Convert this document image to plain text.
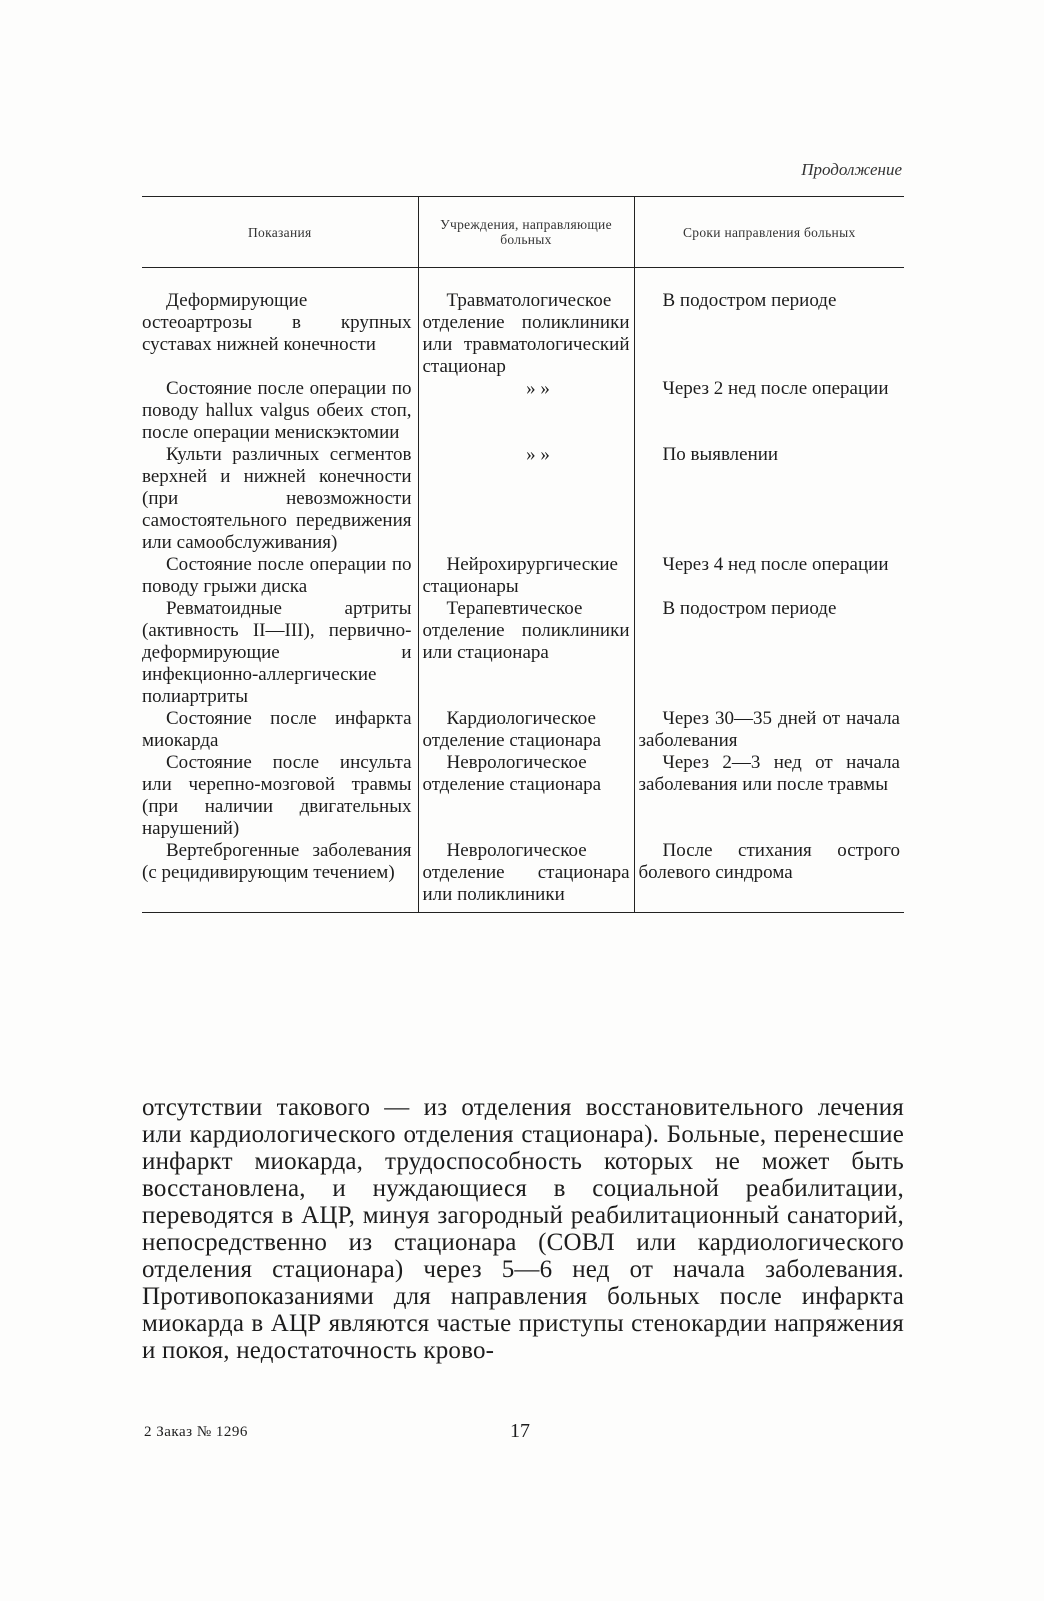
Продолжение
Показания	Учреждения, направляющие больных	Сроки направления больных
Деформирующие остеоартрозы в крупных суставах нижней конечности	Травматологическое отделение поликлиники или травматологический стационар	В подостром периоде
Состояние после операции по поводу hallux valgus обеих стоп, после операции менискэктомии	» »	Через 2 нед после операции
Культи различных сегментов верхней и нижней конечности (при невозможности самостоятельного передвижения или самообслуживания)	» »	По выявлении
Состояние после операции по поводу грыжи диска	Нейрохирургические стационары	Через 4 нед после операции
Ревматоидные артриты (активность II—III), первично-деформирующие и инфекционно-аллергические полиартриты	Терапевтическое отделение поликлиники или стационара	В подостром периоде
Состояние после инфаркта миокарда	Кардиологическое отделение стационара	Через 30—35 дней от начала заболевания
Состояние после инсульта или черепно-мозговой травмы (при наличии двигательных нарушений)	Неврологическое отделение стационара	Через 2—3 нед от начала заболевания или после травмы
Вертеброгенные заболевания (с рецидивирующим течением)	Неврологическое отделение стационара или поликлиники	После стихания острого болевого синдрома

отсутствии такового — из отделения восстановительного лечения или кардиологического отделения стационара). Больные, перенесшие инфаркт миокарда, трудоспособность которых не может быть восстановлена, и нуждающиеся в социальной реабилитации, переводятся в АЦР, минуя загородный реабилитационный санаторий, непосредственно из стационара (СОВЛ или кардиологического отделения стационара) через 5—6 нед от начала заболевания. Противопоказаниями для направления больных после инфаркта миокарда в АЦР являются частые приступы стенокардии напряжения и покоя, недостаточность крово-

2 Заказ № 1296	17
